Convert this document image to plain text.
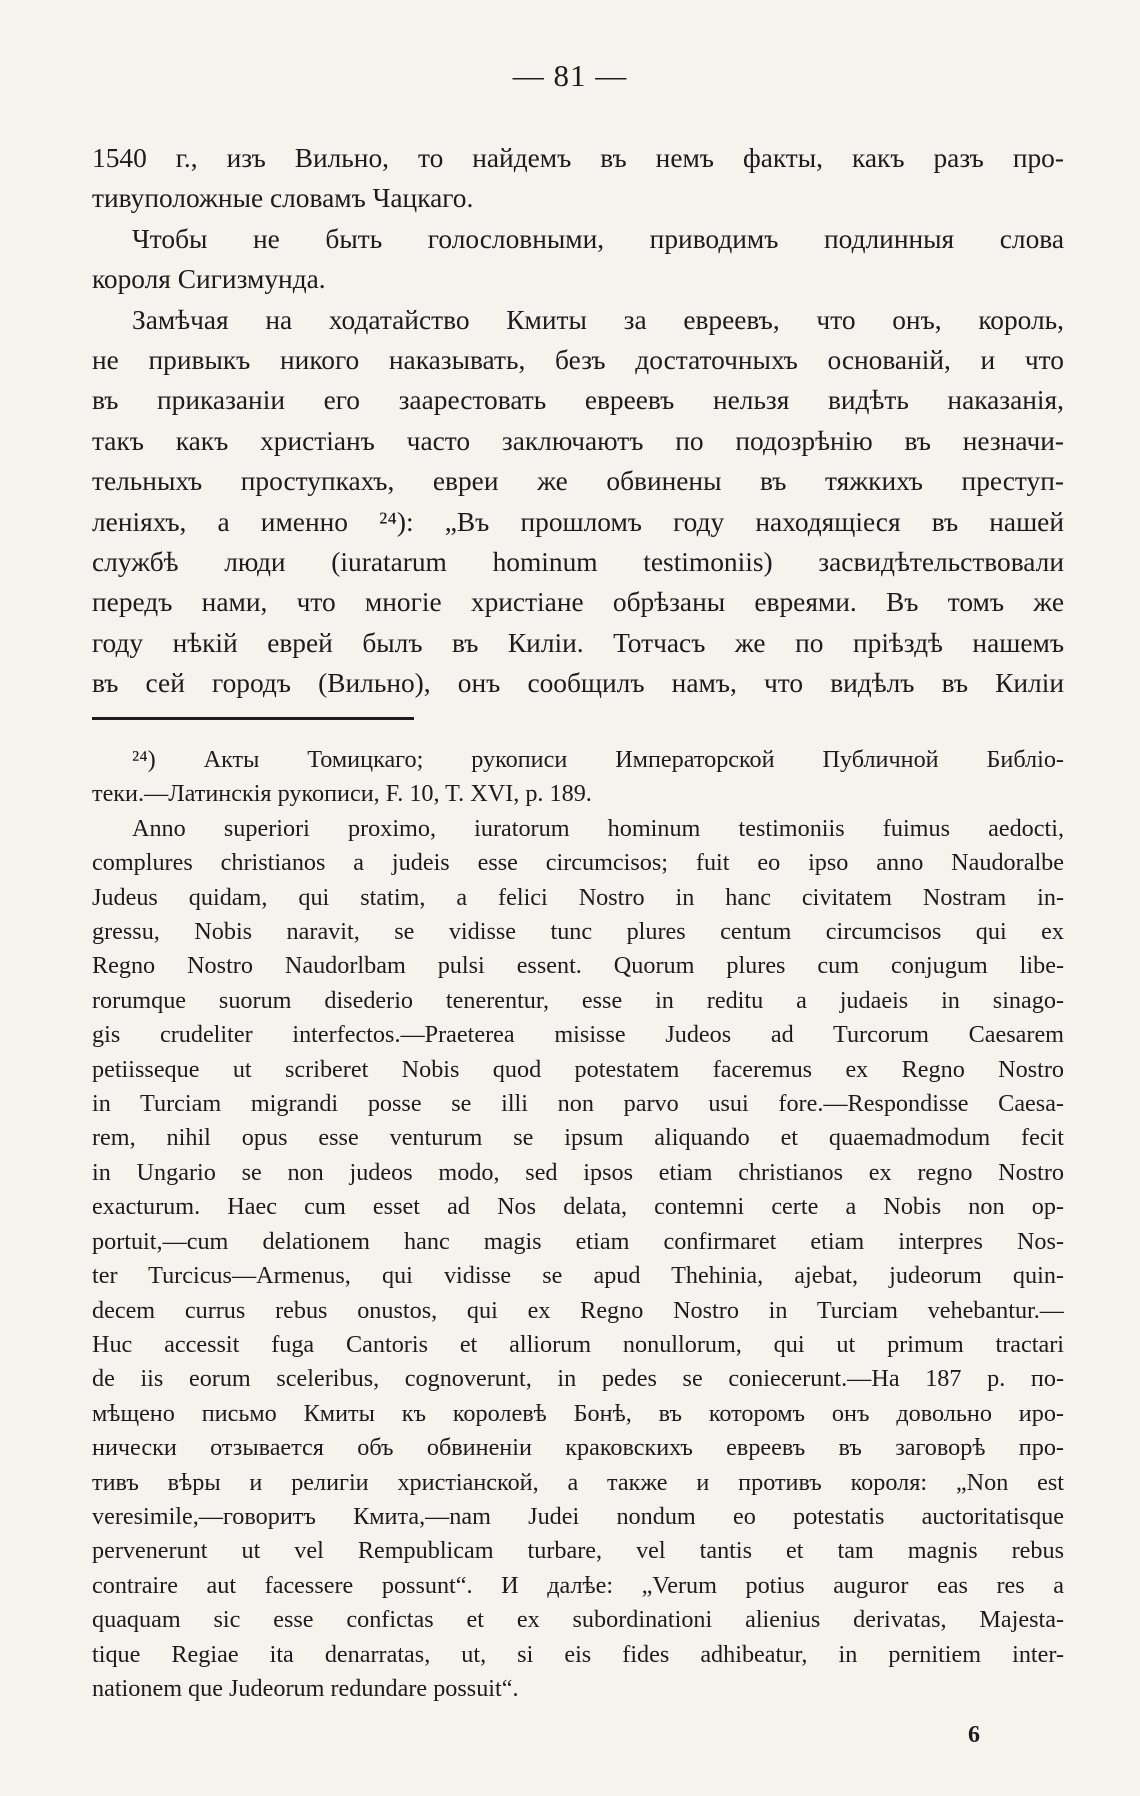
— 81 —
1540 г., изъ Вильно, то найдемъ въ немъ факты, какъ разъ про-
тивуположные словамъ Чацкаго.
Чтобы не быть голословными, приводимъ подлинныя слова
короля Сигизмунда.
Замѣчая на ходатайство Кмиты за евреевъ, что онъ, король,
не привыкъ никого наказывать, безъ достаточныхъ основаній, и что
въ приказаніи его заарестовать евреевъ нельзя видѣть наказанія,
такъ какъ христіанъ часто заключаютъ по подозрѣнію въ незначи-
тельныхъ проступкахъ, евреи же обвинены въ тяжкихъ преступ-
леніяхъ, а именно ²⁴): „Въ прошломъ году находящіеся въ нашей
службѣ люди (iuratarum hominum testimoniis) засвидѣтельствовали
передъ нами, что многіе христіане обрѣзаны евреями. Въ томъ же
году нѣкій еврей былъ въ Киліи. Тотчасъ же по пріѣздѣ нашемъ
въ сей городъ (Вильно), онъ сообщилъ намъ, что видѣлъ въ Киліи
²⁴) Акты Томицкаго; рукописи Императорской Публичной Библіо-
теки.—Латинскія рукописи, F. 10, T. XVI, p. 189.
Anno superiori proximo, iuratorum hominum testimoniis fuimus aedocti,
complures christianos a judeis esse circumcisos; fuit eo ipso anno Naudoralbe
Judeus quidam, qui statim, a felici Nostro in hanc civitatem Nostram in-
gressu, Nobis naravit, se vidisse tunc plures centum circumcisos qui ex
Regno Nostro Naudorlbam pulsi essent. Quorum plures cum conjugum libe-
rorumque suorum disederio tenerentur, esse in reditu a judaeis in sinago-
gis crudeliter interfectos.—Praeterea misisse Judeos ad Turcorum Caesarem
petiisseque ut scriberet Nobis quod potestatem faceremus ex Regno Nostro
in Turciam migrandi posse se illi non parvo usui fore.—Respondisse Caesa-
rem, nihil opus esse venturum se ipsum aliquando et quaemadmodum fecit
in Ungario se non judeos modo, sed ipsos etiam christianos ex regno Nostro
exacturum. Haec cum esset ad Nos delata, contemni certe a Nobis non op-
portuit,—cum delationem hanc magis etiam confirmaret etiam interpres Nos-
ter Turcicus—Armenus, qui vidisse se apud Thehinia, ajebat, judeorum quin-
decem currus rebus onustos, qui ex Regno Nostro in Turciam vehebantur.—
Huc accessit fuga Cantoris et alliorum nonullorum, qui ut primum tractari
de iis eorum sceleribus, cognoverunt, in pedes se coniecerunt.—На 187 р. по-
мѣщено письмо Кмиты къ королевѣ Бонѣ, въ которомъ онъ довольно иро-
нически отзывается объ обвиненіи краковскихъ евреевъ въ заговорѣ про-
тивъ вѣры и религіи христіанской, а также и противъ короля: „Non est
veresimile,—говоритъ Кмита,—nam Judei nondum eo potestatis auctoritatisque
pervenerunt ut vel Rempublicam turbare, vel tantis et tam magnis rebus
contraire aut facessere possunt“. И далѣе: „Verum potius auguror eas res a
quaquam sic esse confictas et ex subordinationi alienius derivatas, Majesta-
tique Regiae ita denarratas, ut, si eis fides adhibeatur, in pernitiem inter-
nationem que Judeorum redundare possuit“.
6
